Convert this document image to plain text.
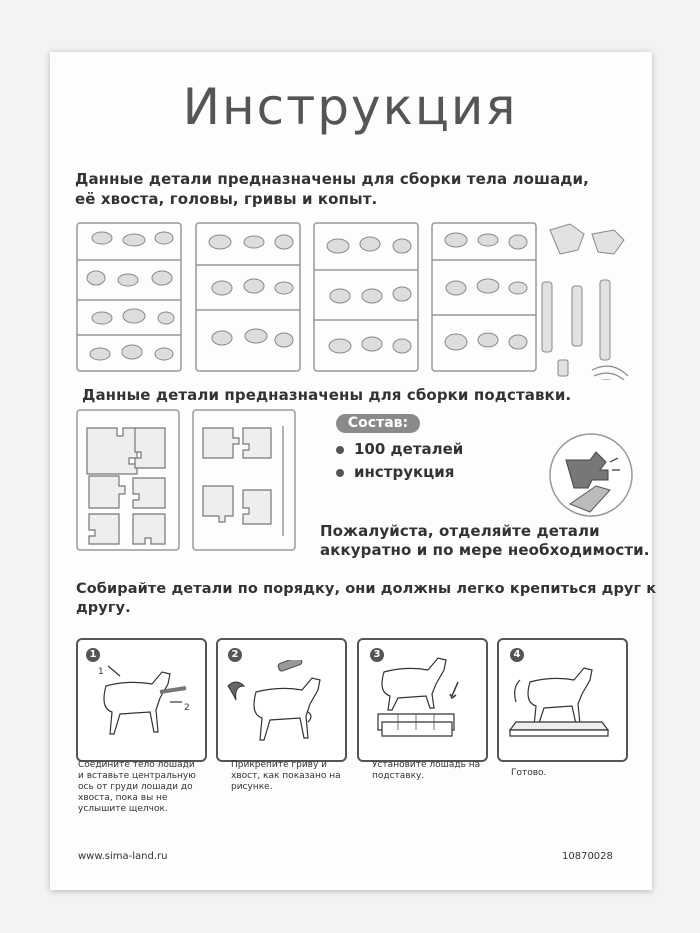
Инструкция
Данные детали предназначены для сборки тела лошади,
её хвоста, головы, гривы и копыт.
Данные детали предназначены для сборки подставки.
Состав:
100 деталей
инструкция
Пожалуйста, отделяйте детали
аккуратно и по мере необходимости.
Собирайте детали по порядку, они должны легко крепиться друг к другу.
1	2	3	4
1
2
Соедините тело лошади и вставьте центральную ось от груди лошади до хвоста, пока вы не услышите щелчок.
Прикрепите гриву и хвост, как показано на рисунке.
Установите лошадь на подставку.	Готово.
www.sima-land.ru	10870028
